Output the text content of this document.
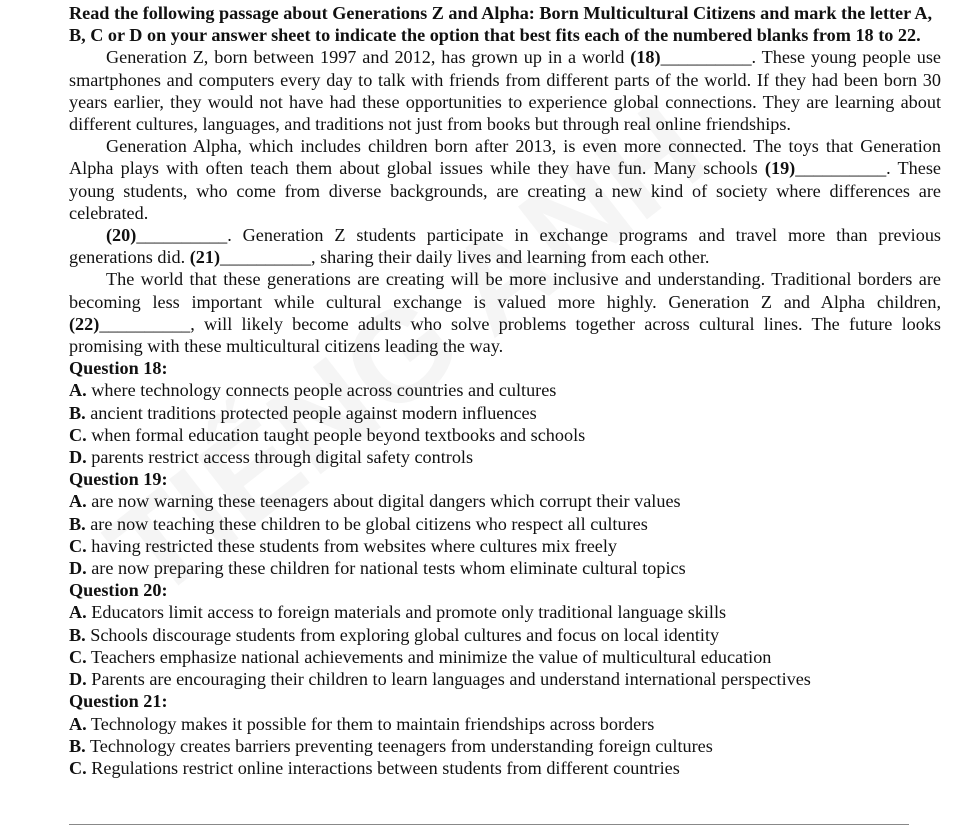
Read the following passage about Generations Z and Alpha: Born Multicultural Citizens and mark the letter A, B, C or D on your answer sheet to indicate the option that best fits each of the numbered blanks from 18 to 22.
Generation Z, born between 1997 and 2012, has grown up in a world (18)__________. These young people use smartphones and computers every day to talk with friends from different parts of the world. If they had been born 30 years earlier, they would not have had these opportunities to experience global connections. They are learning about different cultures, languages, and traditions not just from books but through real online friendships.
Generation Alpha, which includes children born after 2013, is even more connected. The toys that Generation Alpha plays with often teach them about global issues while they have fun. Many schools (19)__________. These young students, who come from diverse backgrounds, are creating a new kind of society where differences are celebrated.
(20)__________. Generation Z students participate in exchange programs and travel more than previous generations did. (21)__________, sharing their daily lives and learning from each other.
The world that these generations are creating will be more inclusive and understanding. Traditional borders are becoming less important while cultural exchange is valued more highly. Generation Z and Alpha children, (22)__________, will likely become adults who solve problems together across cultural lines. The future looks promising with these multicultural citizens leading the way.
Question 18:
A. where technology connects people across countries and cultures
B. ancient traditions protected people against modern influences
C. when formal education taught people beyond textbooks and schools
D. parents restrict access through digital safety controls
Question 19:
A. are now warning these teenagers about digital dangers which corrupt their values
B. are now teaching these children to be global citizens who respect all cultures
C. having restricted these students from websites where cultures mix freely
D. are now preparing these children for national tests whom eliminate cultural topics
Question 20:
A. Educators limit access to foreign materials and promote only traditional language skills
B. Schools discourage students from exploring global cultures and focus on local identity
C. Teachers emphasize national achievements and minimize the value of multicultural education
D. Parents are encouraging their children to learn languages and understand international perspectives
Question 21:
A. Technology makes it possible for them to maintain friendships across borders
B. Technology creates barriers preventing teenagers from understanding foreign cultures
C. Regulations restrict online interactions between students from different countries
